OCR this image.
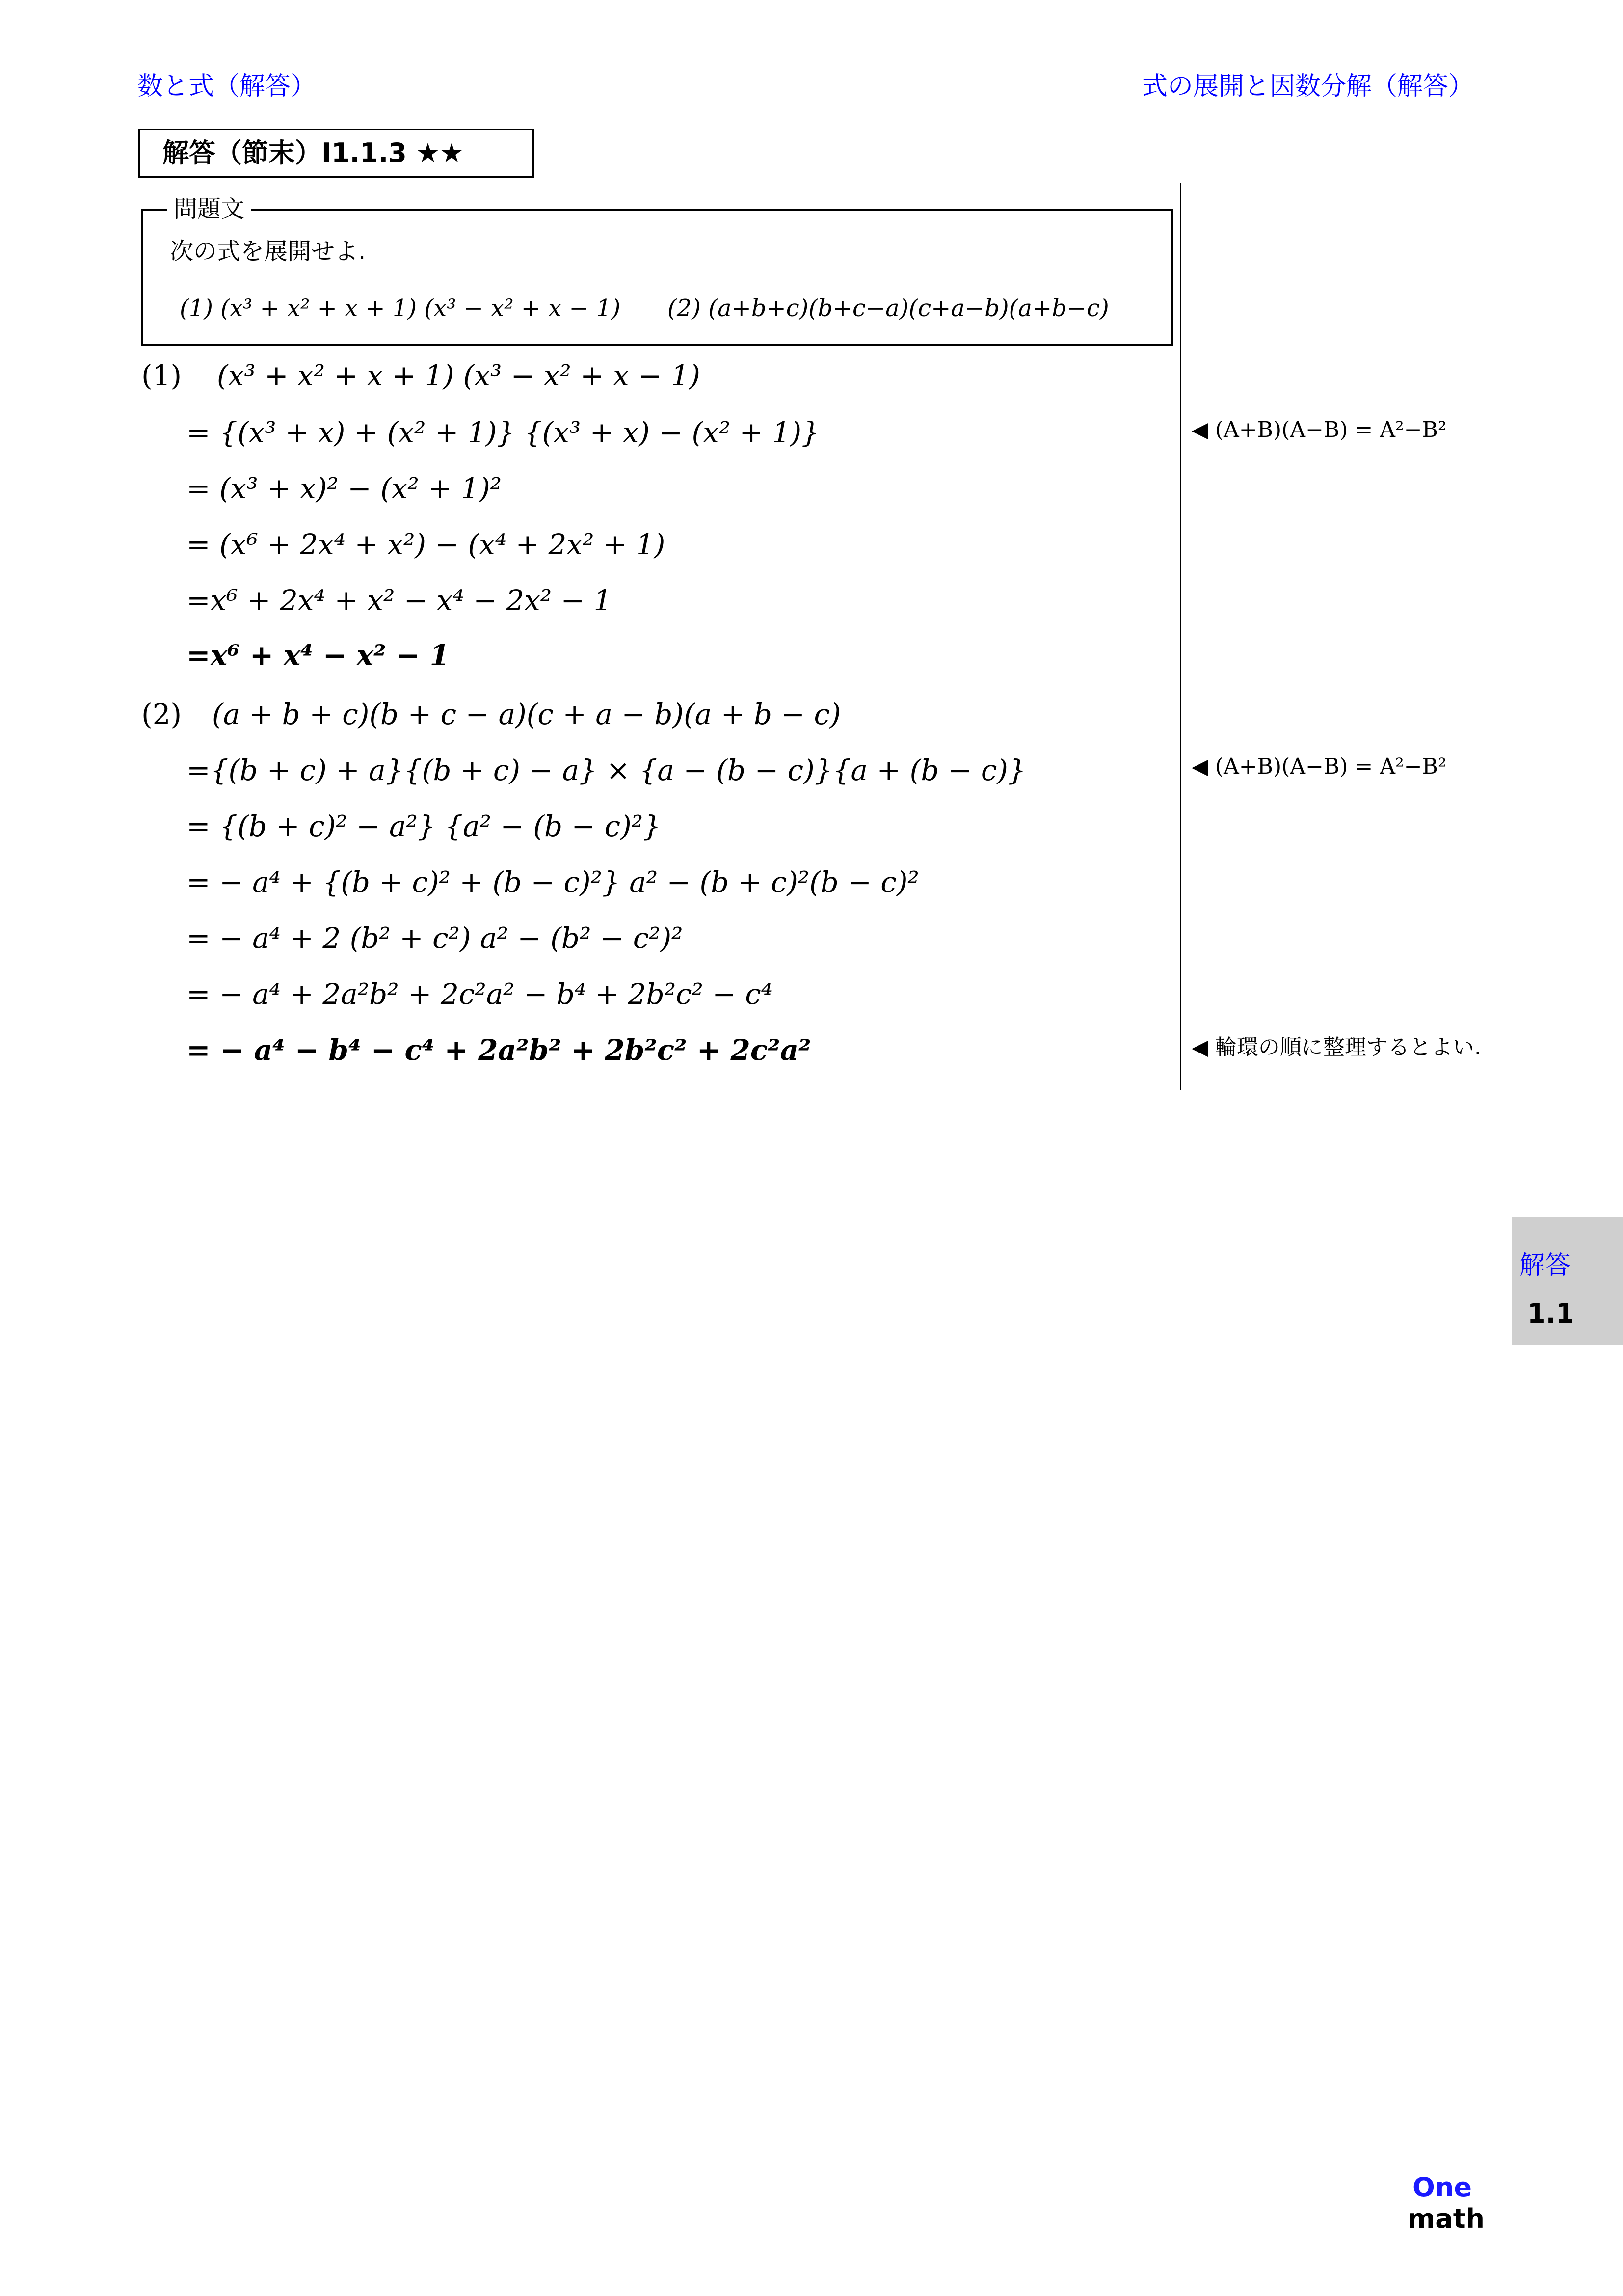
数と式（解答）	式の展開と因数分解（解答）
解答（節末）I1.1.3 ★★
問題文
次の式を展開せよ.
(1) (x³ + x² + x + 1) (x³ − x² + x − 1) (2) (a+b+c)(b+c−a)(c+a−b)(a+b−c)
(1) (x³ + x² + x + 1) (x³ − x² + x − 1)
= {(x³ + x) + (x² + 1)} {(x³ + x) − (x² + 1)}
= (x³ + x)² − (x² + 1)²
= (x⁶ + 2x⁴ + x²) − (x⁴ + 2x² + 1)
=x⁶ + 2x⁴ + x² − x⁴ − 2x² − 1
=x⁶ + x⁴ − x² − 1
◀ (A+B)(A−B) = A²−B²
(2) (a + b + c)(b + c − a)(c + a − b)(a + b − c)
={(b + c) + a}{(b + c) − a} × {a − (b − c)}{a + (b − c)}
= {(b + c)² − a²} {a² − (b − c)²}
= − a⁴ + {(b + c)² + (b − c)²} a² − (b + c)²(b − c)²
= − a⁴ + 2 (b² + c²) a² − (b² − c²)²
= − a⁴ + 2a²b² + 2c²a² − b⁴ + 2b²c² − c⁴
= − a⁴ − b⁴ − c⁴ + 2a²b² + 2b²c² + 2c²a²
◀ (A+B)(A−B) = A²−B²
◀ 輪環の順に整理するとよい.
解答
1.1
One
math
